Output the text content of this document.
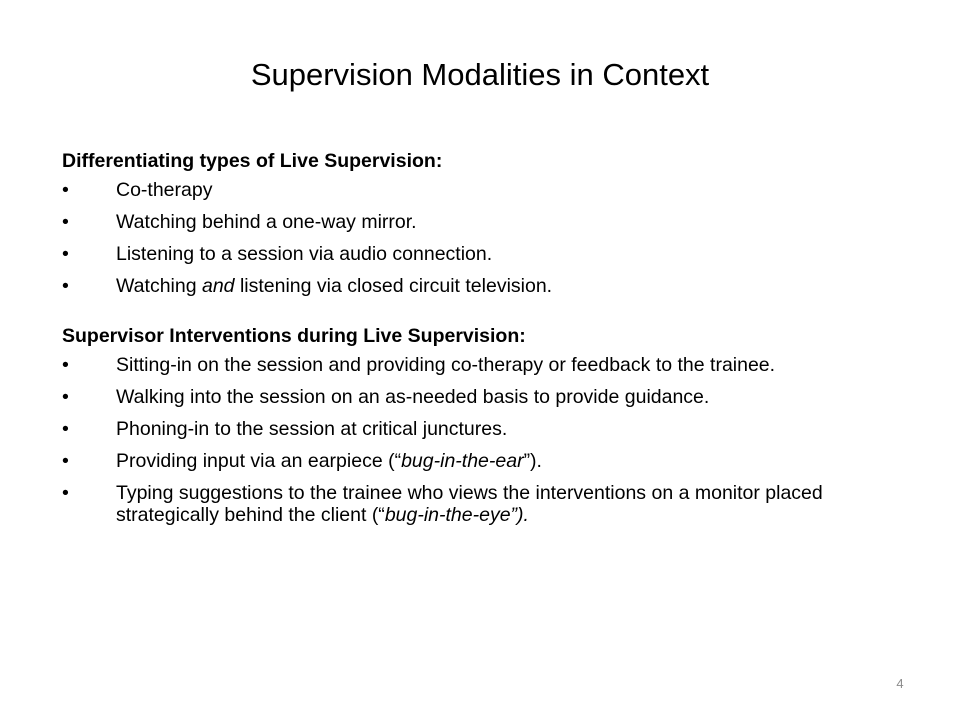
Supervision Modalities in Context

Differentiating types of Live Supervision:

• Co-therapy
• Watching behind a one-way mirror.
• Listening to a session via audio connection.
• Watching and listening via closed circuit television.

Supervisor Interventions during Live Supervision:

• Sitting-in on the session and providing co-therapy or feedback to the trainee.
• Walking into the session on an as-needed basis to provide guidance.
• Phoning-in to the session at critical junctures.
• Providing input via an earpiece (“bug-in-the-ear”).
• Typing suggestions to the trainee who views the interventions on a monitor placed strategically behind the client (“bug-in-the-eye”).
4
